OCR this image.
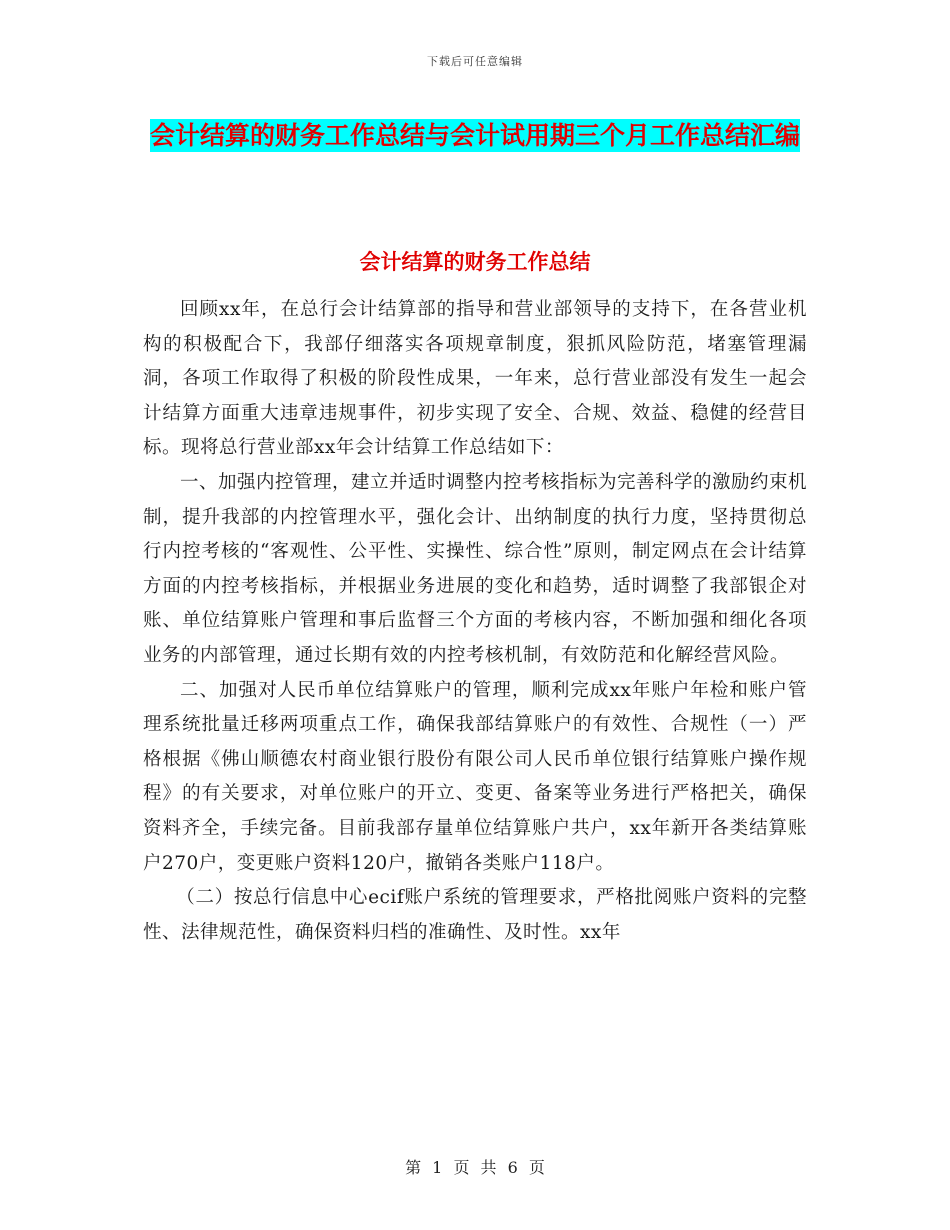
下载后可任意编辑
会计结算的财务工作总结与会计试用期三个月工作总结汇编
会计结算的财务工作总结

回顾xx年，在总行会计结算部的指导和营业部领导的支持下，在各营业机构的积极配合下，我部仔细落实各项规章制度，狠抓风险防范，堵塞管理漏洞，各项工作取得了积极的阶段性成果，一年来，总行营业部没有发生一起会计结算方面重大违章违规事件，初步实现了安全、合规、效益、稳健的经营目标。现将总行营业部xx年会计结算工作总结如下：

一、加强内控管理，建立并适时调整内控考核指标为完善科学的激励约束机制，提升我部的内控管理水平，强化会计、出纳制度的执行力度，坚持贯彻总行内控考核的“客观性、公平性、实操性、综合性”原则，制定网点在会计结算方面的内控考核指标，并根据业务进展的变化和趋势，适时调整了我部银企对账、单位结算账户管理和事后监督三个方面的考核内容，不断加强和细化各项业务的内部管理，通过长期有效的内控考核机制，有效防范和化解经营风险。

二、加强对人民币单位结算账户的管理，顺利完成xx年账户年检和账户管理系统批量迁移两项重点工作，确保我部结算账户的有效性、合规性（一）严格根据《佛山顺德农村商业银行股份有限公司人民币单位银行结算账户操作规程》的有关要求，对单位账户的开立、变更、备案等业务进行严格把关，确保资料齐全，手续完备。目前我部存量单位结算账户共户，xx年新开各类结算账户270户，变更账户资料120户，撤销各类账户118户。

（二）按总行信息中心ecif账户系统的管理要求，严格批阅账户资料的完整性、法律规范性，确保资料归档的准确性、及时性。xx年

第 1 页 共 6 页
